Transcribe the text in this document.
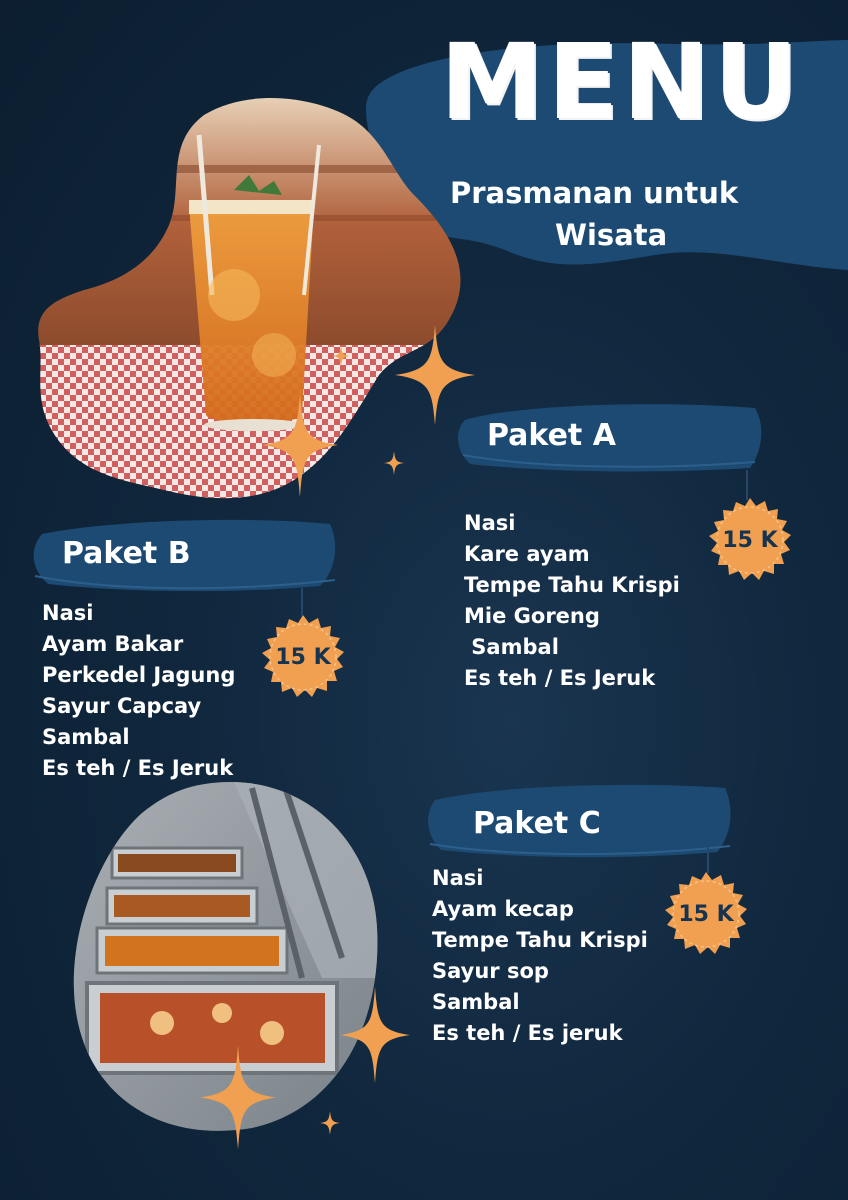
MENU
Prasmanan untuk
Wisata
Paket A
Nasi
Kare ayam
Tempe Tahu Krispi
Mie Goreng
Sambal
Es teh / Es Jeruk
15 K
Paket B
Nasi
Ayam Bakar
Perkedel Jagung
Sayur Capcay
Sambal
Es teh / Es Jeruk
15 K
Paket C
Nasi
Ayam kecap
Tempe Tahu Krispi
Sayur sop
Sambal
Es teh / Es jeruk
15 K
